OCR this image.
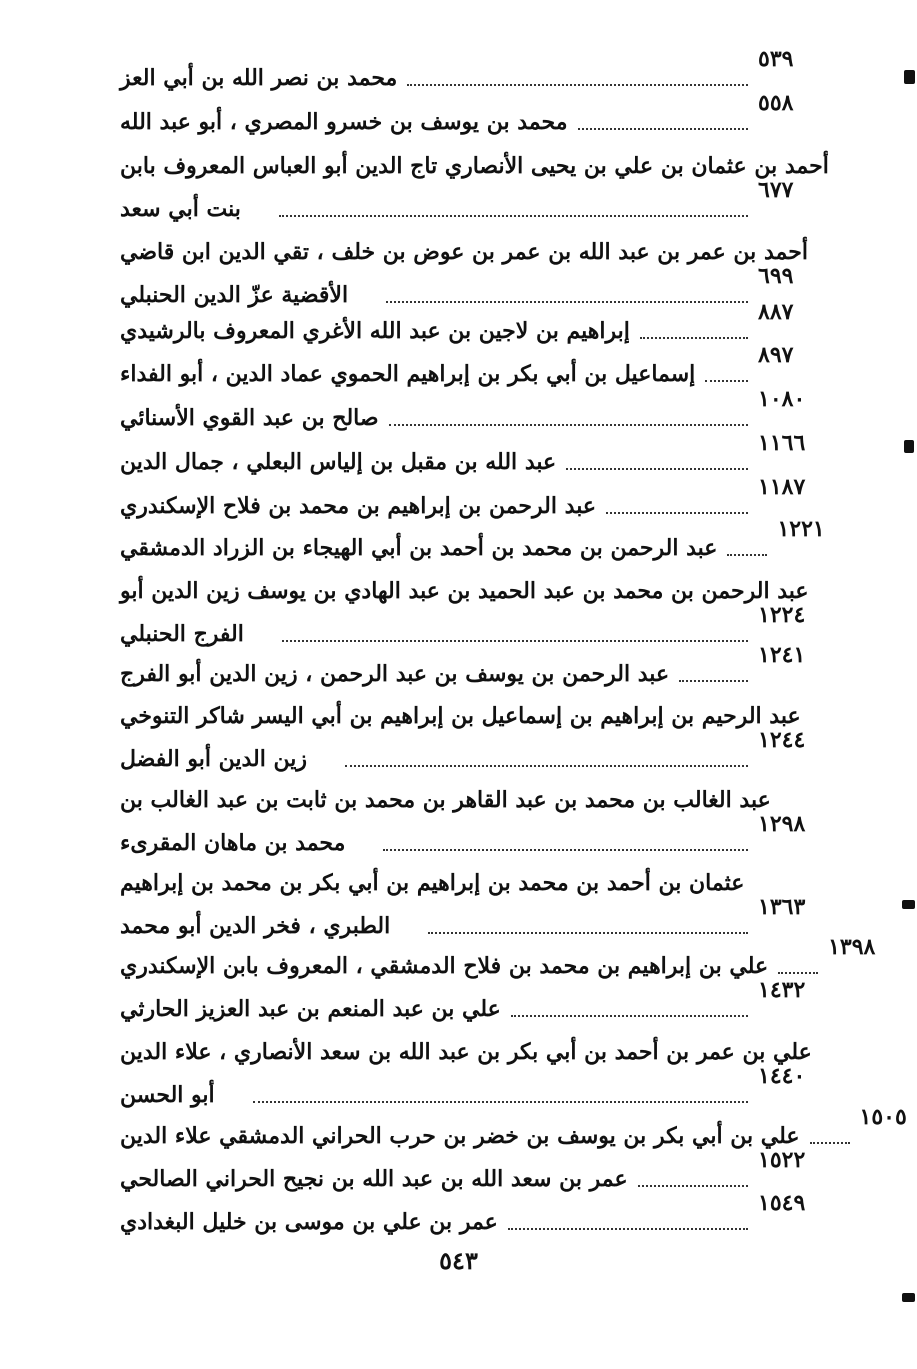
محمد بن نصر الله بن أبي العز
٥٣٩
محمد بن يوسف بن خسرو المصري ، أبو عبد الله
٥٥٨
أحمد بن عثمان بن علي بن يحيى الأنصاري تاج الدين أبو العباس المعروف بابن
بنت أبي سعد
٦٧٧
أحمد بن عمر بن عبد الله بن عمر بن عوض بن خلف ، تقي الدين ابن قاضي
الأقضية عزّ الدين الحنبلي
٦٩٩
إبراهيم بن لاجين بن عبد الله الأغري المعروف بالرشيدي
٨٨٧
إسماعيل بن أبي بكر بن إبراهيم الحموي عماد الدين ، أبو الفداء
٨٩٧
صالح بن عبد القوي الأسنائي
١٠٨٠
عبد الله بن مقبل بن إلياس البعلي ، جمال الدين
١١٦٦
عبد الرحمن بن إبراهيم بن محمد بن فلاح الإسكندري
١١٨٧
عبد الرحمن بن محمد بن أحمد بن أبي الهيجاء بن الزراد الدمشقي
١٢٢١
عبد الرحمن بن محمد بن عبد الحميد بن عبد الهادي بن يوسف زين الدين أبو
الفرج الحنبلي
١٢٢٤
عبد الرحمن بن يوسف بن عبد الرحمن ، زين الدين أبو الفرج
١٢٤١
عبد الرحيم بن إبراهيم بن إسماعيل بن إبراهيم بن أبي اليسر شاكر التنوخي
زين الدين أبو الفضل
١٢٤٤
عبد الغالب بن محمد بن عبد القاهر بن محمد بن ثابت بن عبد الغالب بن
محمد بن ماهان المقرىء
١٢٩٨
عثمان بن أحمد بن محمد بن إبراهيم بن أبي بكر بن محمد بن إبراهيم
الطبري ، فخر الدين أبو محمد
١٣٦٣
علي بن إبراهيم بن محمد بن فلاح الدمشقي ، المعروف بابن الإسكندري
١٣٩٨
علي بن عبد المنعم بن عبد العزيز الحارثي
١٤٣٢
علي بن عمر بن أحمد بن أبي بكر بن عبد الله بن سعد الأنصاري ، علاء الدين
أبو الحسن
١٤٤٠
علي بن أبي بكر بن يوسف بن خضر بن حرب الحراني الدمشقي علاء الدين
١٥٠٥
عمر بن سعد الله بن عبد الله بن نجيح الحراني الصالحي
١٥٢٢
عمر بن علي بن موسى بن خليل البغدادي
١٥٤٩
٥٤٣
